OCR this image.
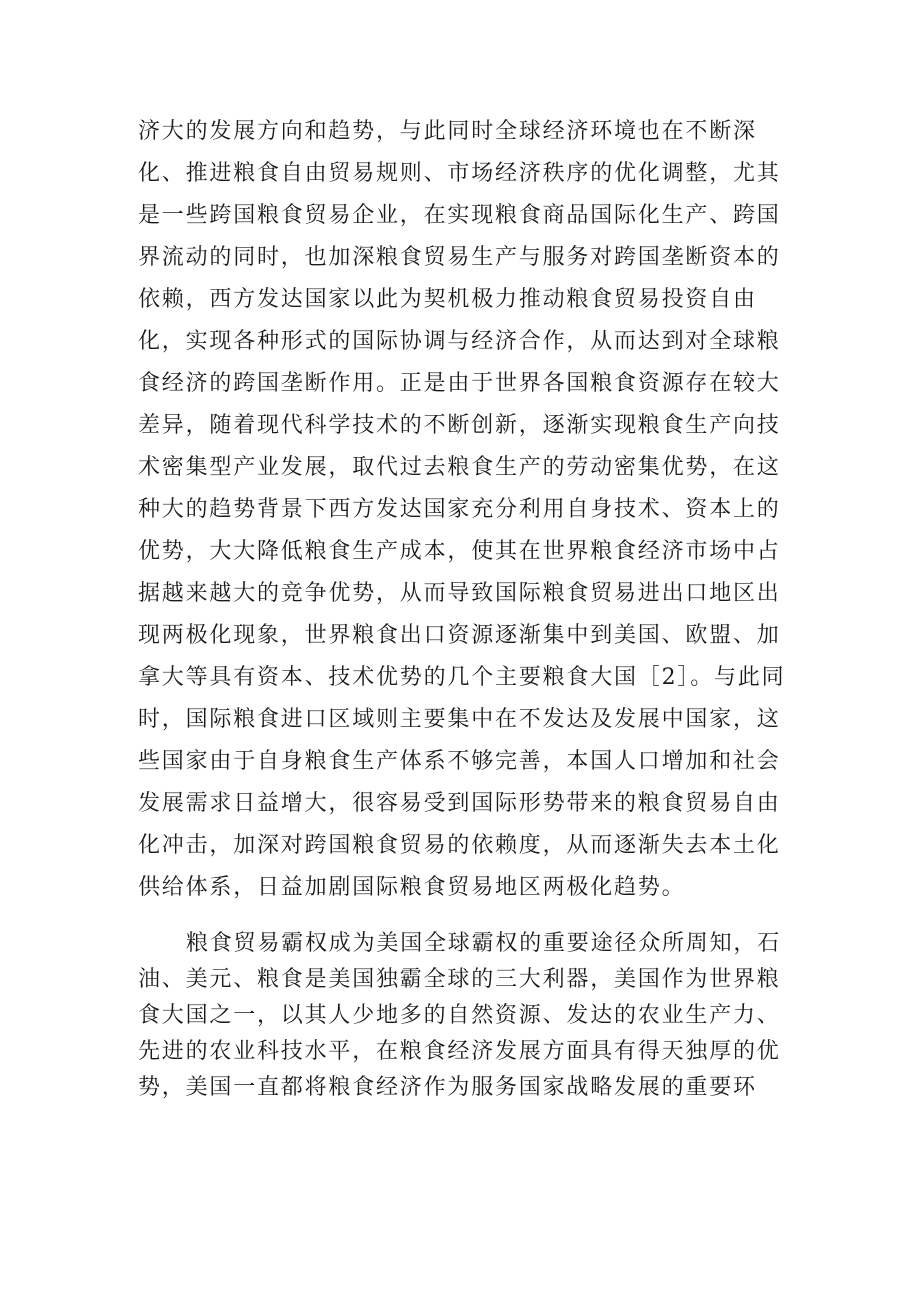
济大的发展方向和趋势，与此同时全球经济环境也在不断深
化、推进粮食自由贸易规则、市场经济秩序的优化调整，尤其
是一些跨国粮食贸易企业，在实现粮食商品国际化生产、跨国
界流动的同时，也加深粮食贸易生产与服务对跨国垄断资本的
依赖，西方发达国家以此为契机极力推动粮食贸易投资自由
化，实现各种形式的国际协调与经济合作，从而达到对全球粮
食经济的跨国垄断作用。正是由于世界各国粮食资源存在较大
差异，随着现代科学技术的不断创新，逐渐实现粮食生产向技
术密集型产业发展，取代过去粮食生产的劳动密集优势，在这
种大的趋势背景下西方发达国家充分利用自身技术、资本上的
优势，大大降低粮食生产成本，使其在世界粮食经济市场中占
据越来越大的竞争优势，从而导致国际粮食贸易进出口地区出
现两极化现象，世界粮食出口资源逐渐集中到美国、欧盟、加
拿大等具有资本、技术优势的几个主要粮食大国［2］。与此同
时，国际粮食进口区域则主要集中在不发达及发展中国家，这
些国家由于自身粮食生产体系不够完善，本国人口增加和社会
发展需求日益增大，很容易受到国际形势带来的粮食贸易自由
化冲击，加深对跨国粮食贸易的依赖度，从而逐渐失去本土化
供给体系，日益加剧国际粮食贸易地区两极化趋势。
粮食贸易霸权成为美国全球霸权的重要途径众所周知，石
油、美元、粮食是美国独霸全球的三大利器，美国作为世界粮
食大国之一，以其人少地多的自然资源、发达的农业生产力、
先进的农业科技水平，在粮食经济发展方面具有得天独厚的优
势，美国一直都将粮食经济作为服务国家战略发展的重要环
